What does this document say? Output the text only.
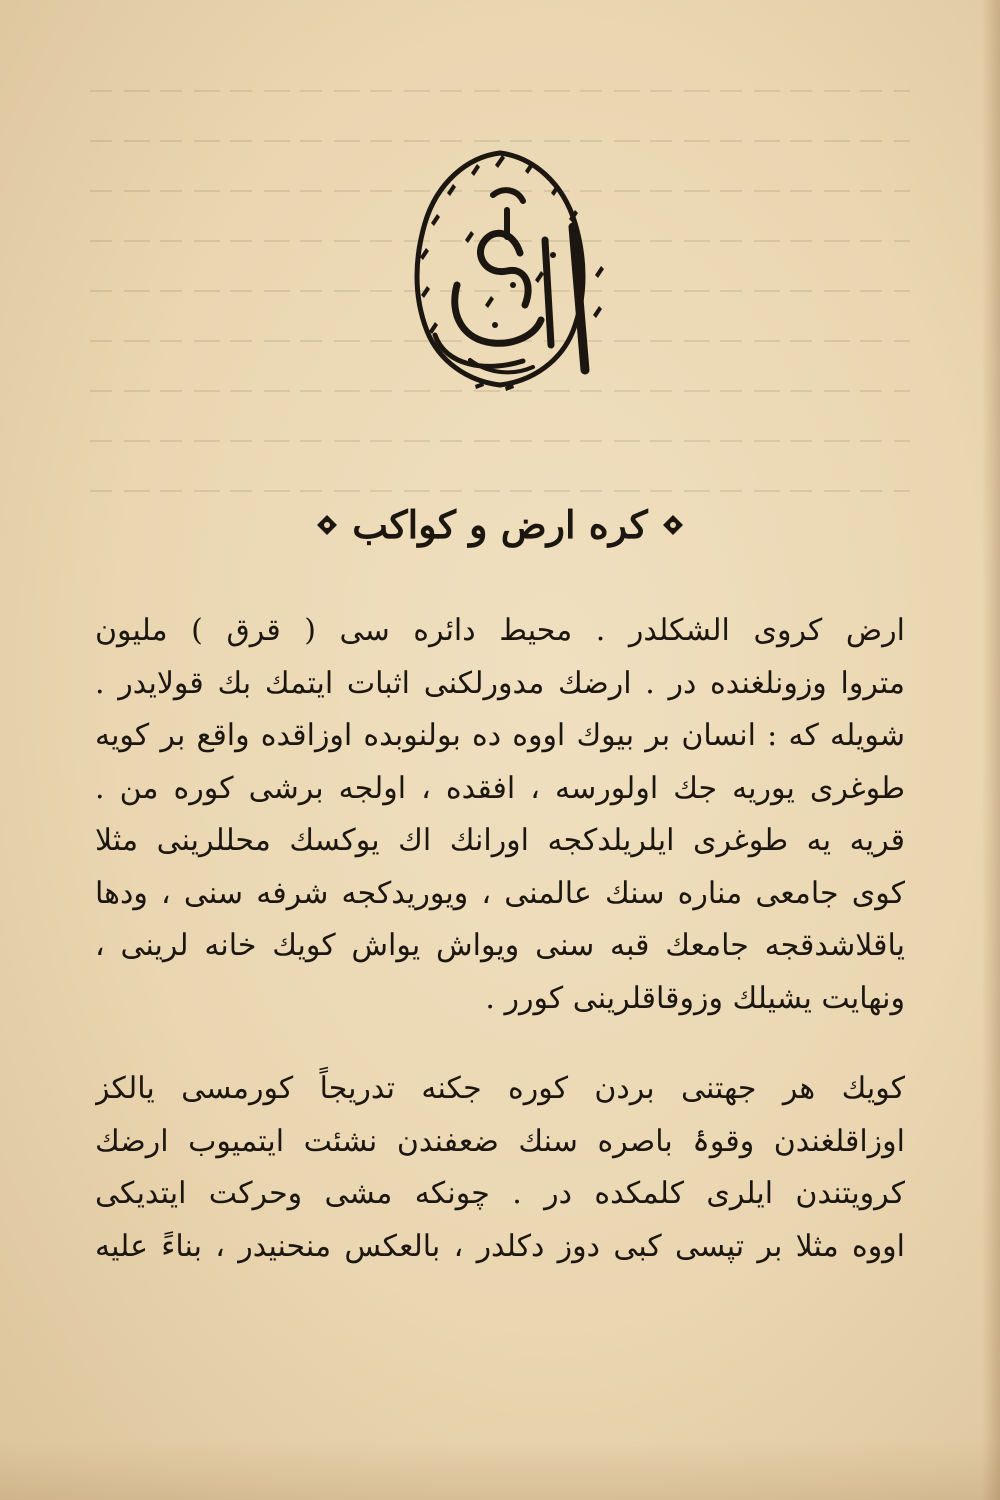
کره ارض و کواکب
ارض کروی الشکلدر . محیط دائره سی ( قرق ) ملیون
متروا وزونلغنده در . ارضك مدورلکنی اثبات ایتمك بك قولایدر .
شویله که : انسان بر بیوك اووه ده بولنوبده اوزاقده واقع بر کویه
طوغری یوریه جك اولورسه ، افقده ، اولجه برشی کوره من .
قریه یه طوغری ایلریلدکجه اورانك اك یوکسك محللرینی مثلا
کوی جامعی مناره سنك عالمنی ، ویوریدکجه شرفه سنی ، ودها
یاقلاشدقجه جامعك قبه سنی ویواش یواش کویك خانه لرینی ،
ونهایت یشیلك وزوقاقلرینی کورر .
کویك هر جهتنی بردن کوره جکنه تدریجاً کورمسی یالکز
اوزاقلغندن وقوۂ باصره سنك ضعفندن نشئت ایتمیوب ارضك
کرویتندن ایلری کلمکده در . چونکه مشی وحرکت ایتدیکی
اووه مثلا بر تپسی کبی دوز دکلدر ، بالعکس منحنیدر ، بناءً علیه
